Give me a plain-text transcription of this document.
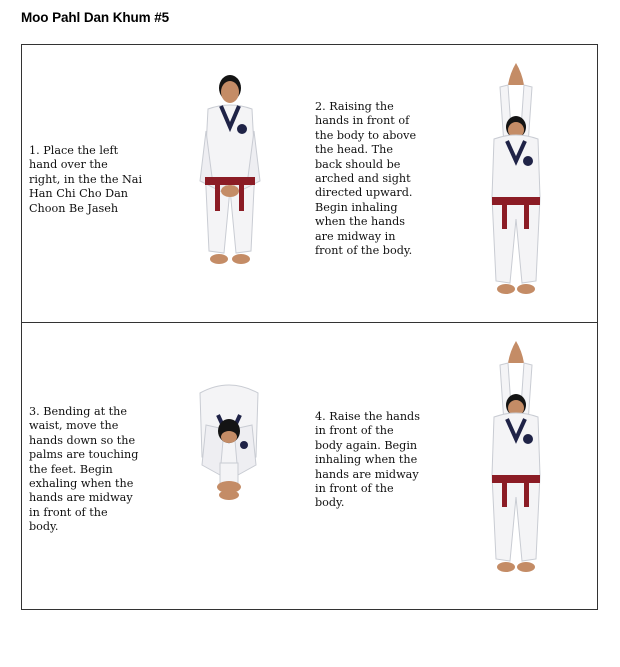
Moo Pahl Dan Khum #5
1. Place the left
hand over the
right, in the the Nai
Han Chi Cho Dan
Choon Be Jaseh
2. Raising the
hands in front of
the body to above
the head. The
back should be
arched and sight
directed upward.
Begin inhaling
when the hands
are midway in
front of the body.
3. Bending at the
waist, move the
hands down so the
palms are touching
the feet. Begin
exhaling when the
hands are midway
in front of the
body.
4. Raise the hands
in front of the
body again. Begin
inhaling when the
hands are midway
in front of the
body.
